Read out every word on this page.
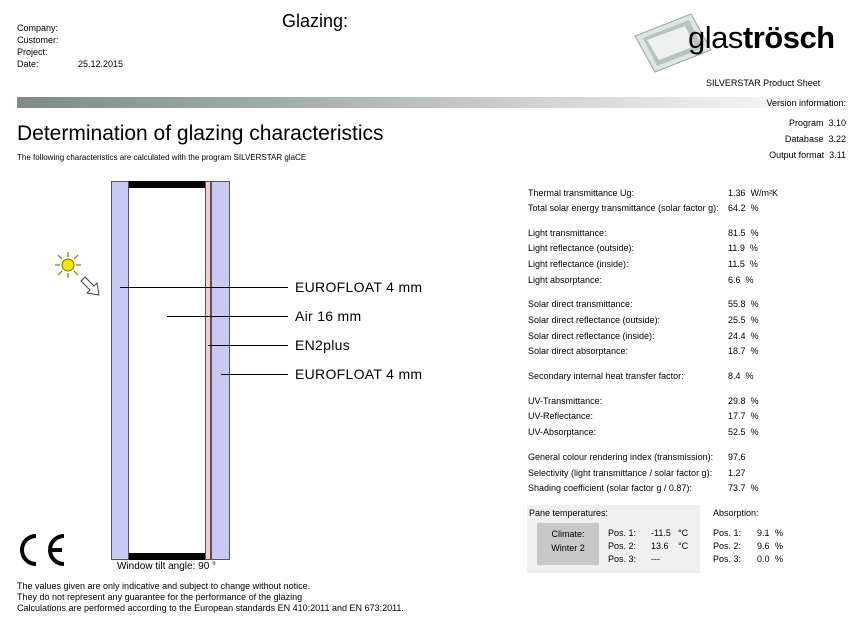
Company:
Customer:
Project:
Date:	25.12.2015
Glazing:	glaströsch
SILVERSTAR Product Sheet
Version information:
Determination of glazing characteristics
The following characteristics are calculated with the program SILVERSTAR glaCE
Program 3.10
Database 3.22
Output format 3.11
EUROFLOAT 4 mm
Air 16 mm
EN2plus
EUROFLOAT 4 mm
Window tilt angle: 90 °
Thermal transmittance Ug:	1.36 W/m²K
Total solar energy transmittance (solar factor g): 64.2 %
Light transmittance:	81.5 %
Light reflectance (outside):	11.9 %
Light reflectance (inside):	11.5 %
Light absorptance:	6.6 %
Solar direct transmittance:	55.8 %
Solar direct reflectance (outside):	25.5 %
Solar direct reflectance (inside):	24.4 %
Solar direct absorptance:	18.7 %
Secondary internal heat transfer factor:	8.4 %
UV-Transmittance:	29.8 %
UV-Reflectance:	17.7 %
UV-Absorptance:	52.5 %
General colour rendering index (transmission): 97.6
Selectivity (light transmittance / solar factor g): 1.27
Shading coefficient (solar factor g / 0.87):	73.7 %
Pane temperatures:
Climate:
Winter 2
Pos. 1: -11.5 °C
Pos. 2: 13.6 °C
Pos. 3: ---
Absorption:
Pos. 1: 9.1 %
Pos. 2: 9.6 %
Pos. 3: 0.0 %
The values given are only indicative and subject to change without notice.
They do not represent any guarantee for the performance of the glazing
Calculations are performed according to the European standards EN 410:2011 and EN 673:2011.
